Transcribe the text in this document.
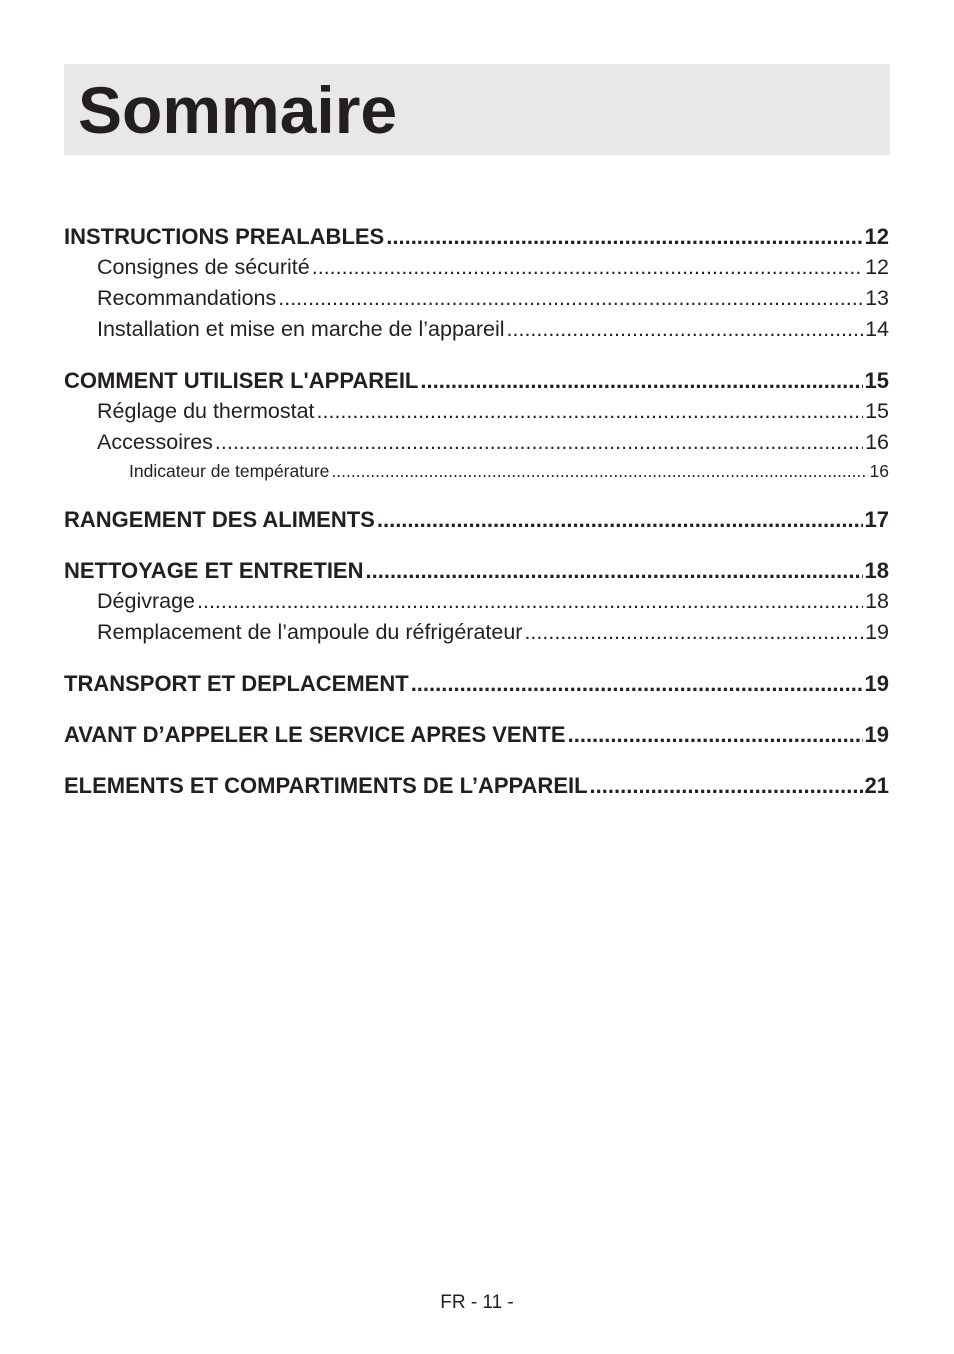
Sommaire
INSTRUCTIONS PREALABLES .....	12
Consignes de sécurité .....	12
Recommandations .....	13
Installation et mise en marche de l’appareil .....	14
COMMENT UTILISER L'APPAREIL .....	15
Réglage du thermostat .....	15
Accessoires .....	16
Indicateur de température .....	16
RANGEMENT DES ALIMENTS .....	17
NETTOYAGE ET ENTRETIEN .....	18
Dégivrage .....	18
Remplacement de l’ampoule du réfrigérateur .....	19
TRANSPORT ET DEPLACEMENT .....	19
AVANT D’APPELER LE SERVICE APRES VENTE .....	19
ELEMENTS ET COMPARTIMENTS DE L’APPAREIL .....	21
FR - 11 -
